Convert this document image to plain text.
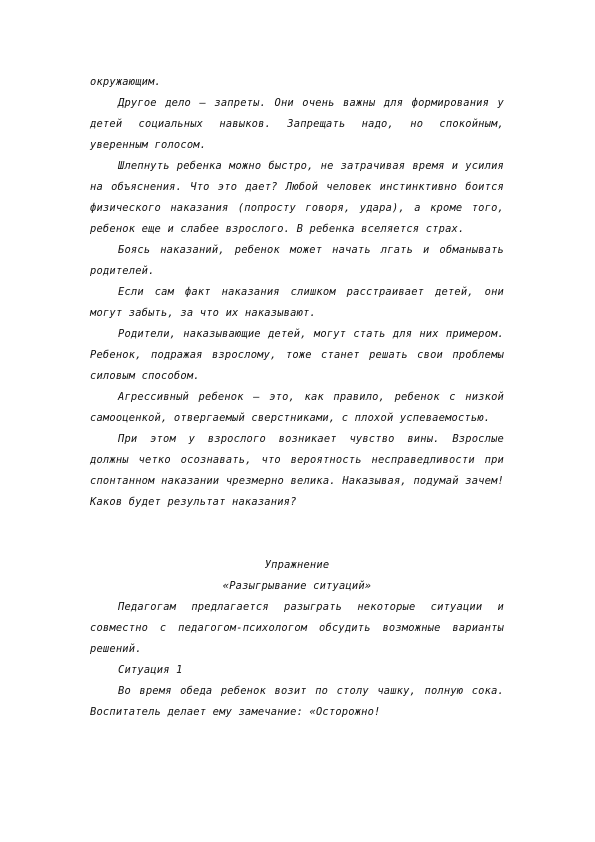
окружающим.

Другое дело – запреты. Они очень важны для формирования у детей социальных навыков. Запрещать надо, но спокойным, уверенным голосом.

Шлепнуть ребенка можно быстро, не затрачивая время и усилия на объяснения. Что это дает? Любой человек инстинктивно боится физического наказания (попросту говоря, удара), а кроме того, ребенок еще и слабее взрослого. В ребенка вселяется страх.

Боясь наказаний, ребенок может начать лгать и обманывать родителей.

Если сам факт наказания слишком расстраивает детей, они могут забыть, за что их наказывают.

Родители, наказывающие детей, могут стать для них примером. Ребенок, подражая взрослому, тоже станет решать свои проблемы силовым способом.

Агрессивный ребенок – это, как правило, ребенок с низкой самооценкой, отвергаемый сверстниками, с плохой успеваемостью.

При этом у взрослого возникает чувство вины. Взрослые должны четко осознавать, что вероятность несправедливости при спонтанном наказании чрезмерно велика. Наказывая, подумай зачем! Каков будет результат наказания?

Упражнение

«Разыгрывание ситуаций»

Педагогам предлагается разыграть некоторые ситуации и совместно с педагогом-психологом обсудить возможные варианты решений.

Ситуация 1

Во время обеда ребенок возит по столу чашку, полную сока. Воспитатель делает ему замечание: «Осторожно!
